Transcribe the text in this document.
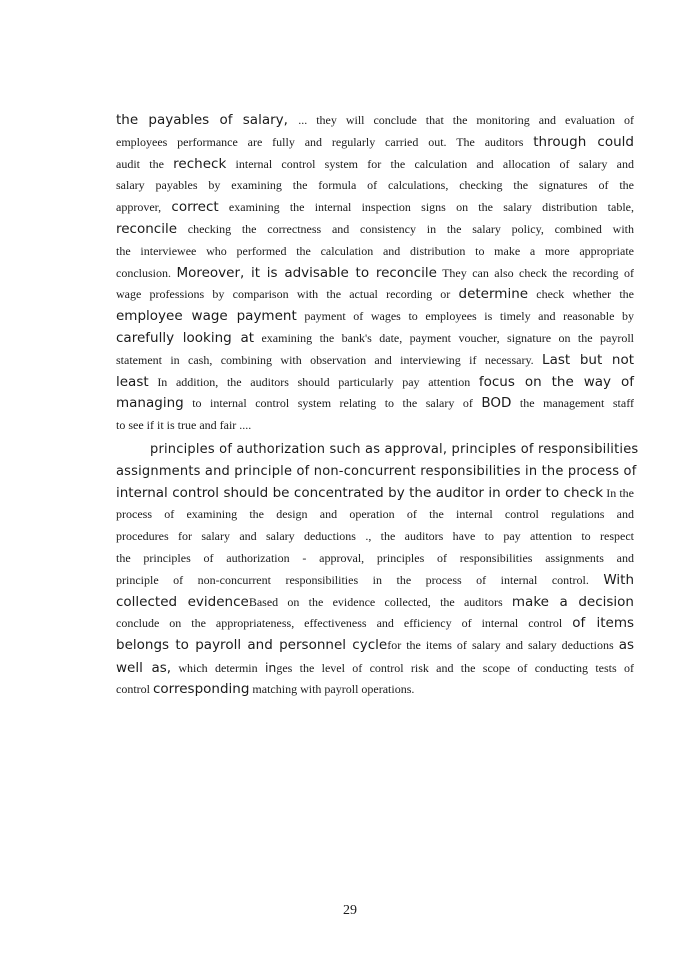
the payables of salary, ... they will conclude that the monitoring and evaluation of
employees performance are fully and regularly carried out. The auditors through could
audit the recheck internal control system for the calculation and allocation of salary and
salary payables by examining the formula of calculations, checking the signatures of the
approver, correct examining the internal inspection signs on the salary distribution table,
reconcile checking the correctness and consistency in the salary policy, combined with
the interviewee who performed the calculation and distribution to make a more appropriate
conclusion. Moreover, it is advisable to reconcile They can also check the recording of
wage professions by comparison with the actual recording or determine check whether the
employee wage payment payment of wages to employees is timely and reasonable by
carefully looking at examining the bank's date, payment voucher, signature on the payroll
statement in cash, combining with observation and interviewing if necessary. Last but not
least In addition, the auditors should particularly pay attention focus on the way of
managing to internal control system relating to the salary of BOD the management staff
to see if it is true and fair ....
principles of authorization such as approval, principles of responsibilities
assignments and principle of non-concurrent responsibilities in the process of
internal control should be concentrated by the auditor in order to check In the
process of examining the design and operation of the internal control regulations and
procedures for salary and salary deductions ., the auditors have to pay attention to respect
the principles of authorization - approval, principles of responsibilities assignments and
principle of non-concurrent responsibilities in the process of internal control. With
collected evidenceBased on the evidence collected, the auditors make a decision
conclude on the appropriateness, effectiveness and efficiency of internal control of items
belongs to payroll and personnel cyclefor the items of salary and salary deductions as
well as, which determin inges the level of control risk and the scope of conducting tests of
control corresponding matching with payroll operations.
29
